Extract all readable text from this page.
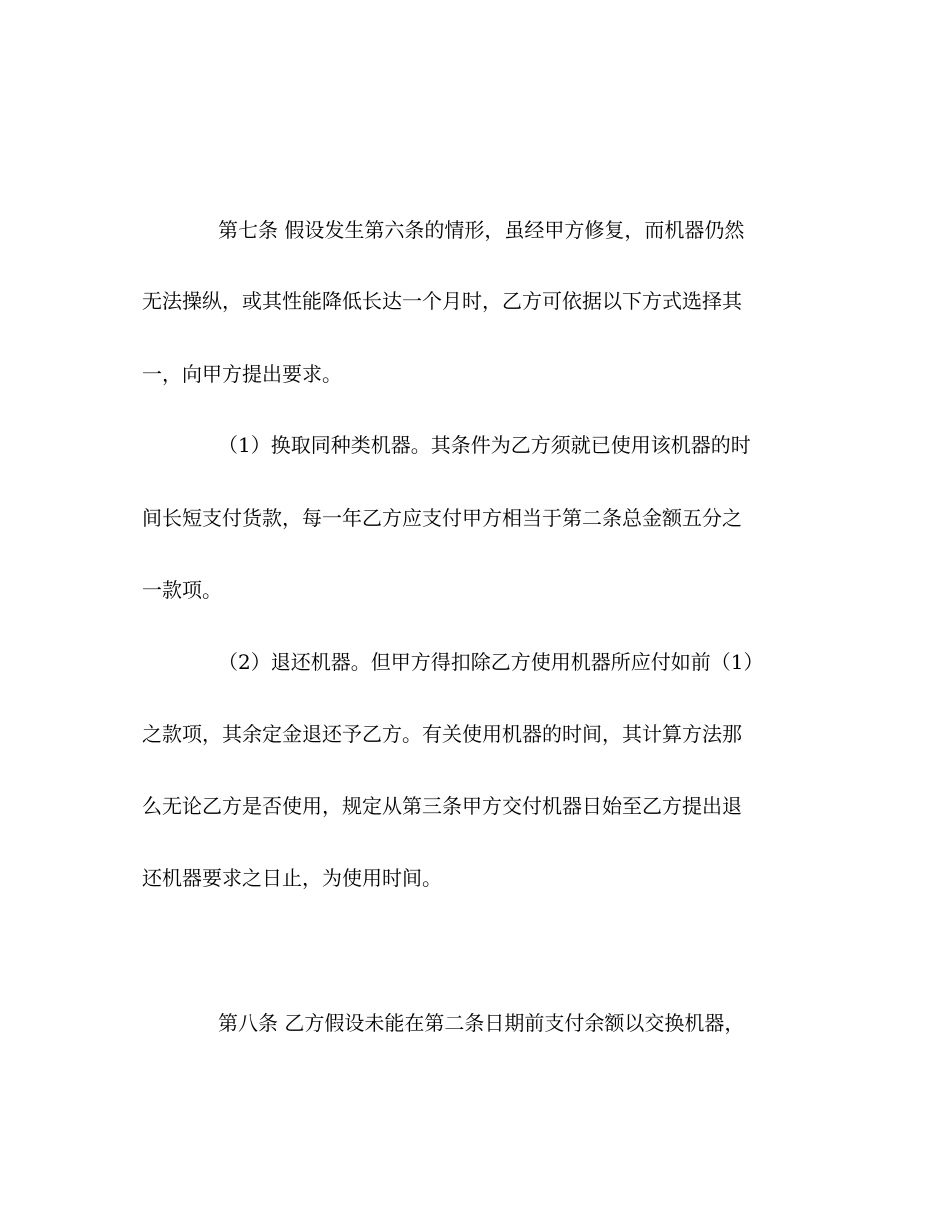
第七条 假设发生第六条的情形，虽经甲方修复，而机器仍然
无法操纵，或其性能降低长达一个月时，乙方可依据以下方式选择其
一，向甲方提出要求。
（1）换取同种类机器。其条件为乙方须就已使用该机器的时
间长短支付货款，每一年乙方应支付甲方相当于第二条总金额五分之
一款项。
（2）退还机器。但甲方得扣除乙方使用机器所应付如前（1）
之款项，其余定金退还予乙方。有关使用机器的时间，其计算方法那
么无论乙方是否使用，规定从第三条甲方交付机器日始至乙方提出退
还机器要求之日止，为使用时间。
第八条 乙方假设未能在第二条日期前支付余额以交换机器，
